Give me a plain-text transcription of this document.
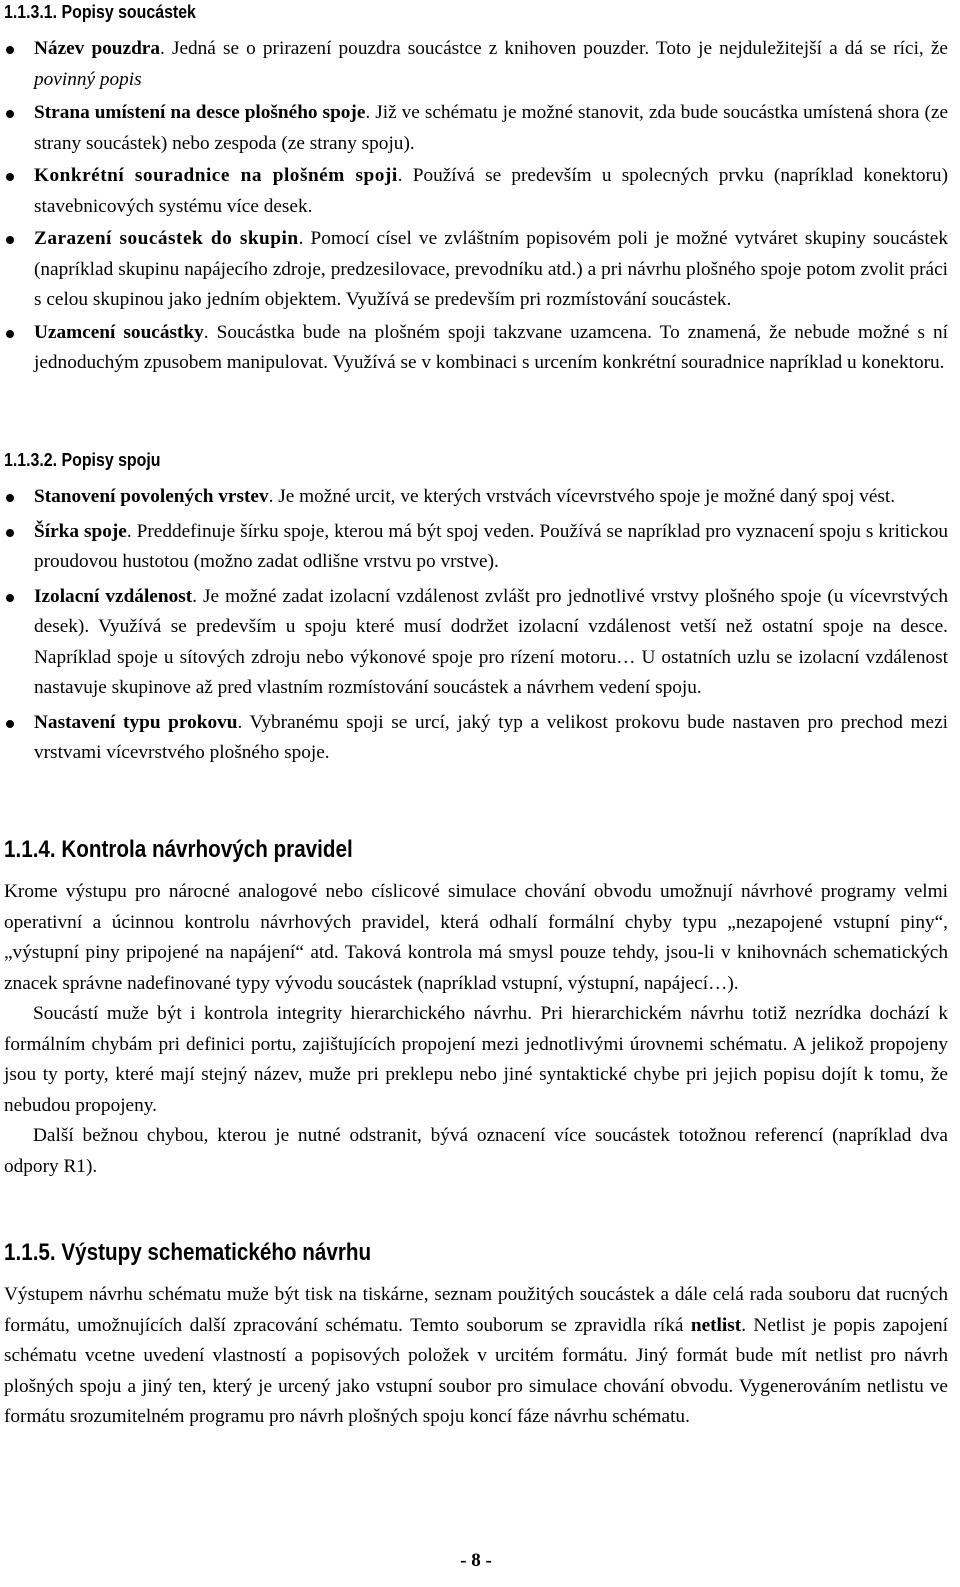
1.1.3.1. Popisy soucástek
Název pouzdra. Jedná se o prirazení pouzdra soucástce z knihoven pouzder. Toto je nejduležitejší a dá se ríci, že povinný popis
Strana umístení na desce plošného spoje. Již ve schématu je možné stanovit, zda bude soucástka umístená shora (ze strany soucástek) nebo zespoda (ze strany spoju).
Konkrétní souradnice na plošném spoji. Používá se predevším u spolecných prvku (napríklad konektoru) stavebnicových systému více desek.
Zarazení soucástek do skupin. Pomocí císel ve zvláštním popisovém poli je možné vytváret skupiny soucástek (napríklad skupinu napájecího zdroje, predzesilovace, prevodníku atd.) a pri návrhu plošného spoje potom zvolit práci s celou skupinou jako jedním objektem. Využívá se predevším pri rozmístování soucástek.
Uzamcení soucástky. Soucástka bude na plošném spoji takzvane uzamcena. To znamená, že nebude možné s ní jednoduchým zpusobem manipulovat. Využívá se v kombinaci s urcením konkrétní souradnice napríklad u konektoru.
1.1.3.2. Popisy spoju
Stanovení povolených vrstev. Je možné urcit, ve kterých vrstvách vícevrstvého spoje je možné daný spoj vést.
Šírka spoje. Preddefinuje šírku spoje, kterou má být spoj veden. Používá se napríklad pro vyznacení spoju s kritickou proudovou hustotou (možno zadat odlišne vrstvu po vrstve).
Izolacní vzdálenost. Je možné zadat izolacní vzdálenost zvlášt pro jednotlivé vrstvy plošného spoje (u vícevrstvých desek). Využívá se predevším u spoju které musí dodržet izolacní vzdálenost vetší než ostatní spoje na desce. Napríklad spoje u sítových zdroju nebo výkonové spoje pro rízení motoru… U ostatních uzlu se izolacní vzdálenost nastavuje skupinove až pred vlastním rozmístování soucástek a návrhem vedení spoju.
Nastavení typu prokovu. Vybranému spoji se urcí, jaký typ a velikost prokovu bude nastaven pro prechod mezi vrstvami vícevrstvého plošného spoje.
1.1.4. Kontrola návrhových pravidel

Krome výstupu pro nárocné analogové nebo císlicové simulace chování obvodu umožnují návrhové programy velmi operativní a úcinnou kontrolu návrhových pravidel, která odhalí formální chyby typu „nezapojené vstupní piny“, „výstupní piny pripojené na napájení“ atd. Taková kontrola má smysl pouze tehdy, jsou-li v knihovnách schematických znacek správne nadefinované typy vývodu soucástek (napríklad vstupní, výstupní, napájecí…).

Soucástí muže být i kontrola integrity hierarchického návrhu. Pri hierarchickém návrhu totiž nezrídka dochází k formálním chybám pri definici portu, zajištujících propojení mezi jednotlivými úrovnemi schématu. A jelikož propojeny jsou ty porty, které mají stejný název, muže pri preklepu nebo jiné syntaktické chybe pri jejich popisu dojít k tomu, že nebudou propojeny.

Další bežnou chybou, kterou je nutné odstranit, bývá oznacení více soucástek totožnou referencí (napríklad dva odpory R1).

1.1.5. Výstupy schematického návrhu

Výstupem návrhu schématu muže být tisk na tiskárne, seznam použitých soucástek a dále celá rada souboru dat rucných formátu, umožnujících další zpracování schématu. Temto souborum se zpravidla ríká netlist. Netlist je popis zapojení schématu vcetne uvedení vlastností a popisových položek v urcitém formátu. Jiný formát bude mít netlist pro návrh plošných spoju a jiný ten, který je urcený jako vstupní soubor pro simulace chování obvodu. Vygenerováním netlistu ve formátu srozumitelném programu pro návrh plošných spoju koncí fáze návrhu schématu.

- 8 -
